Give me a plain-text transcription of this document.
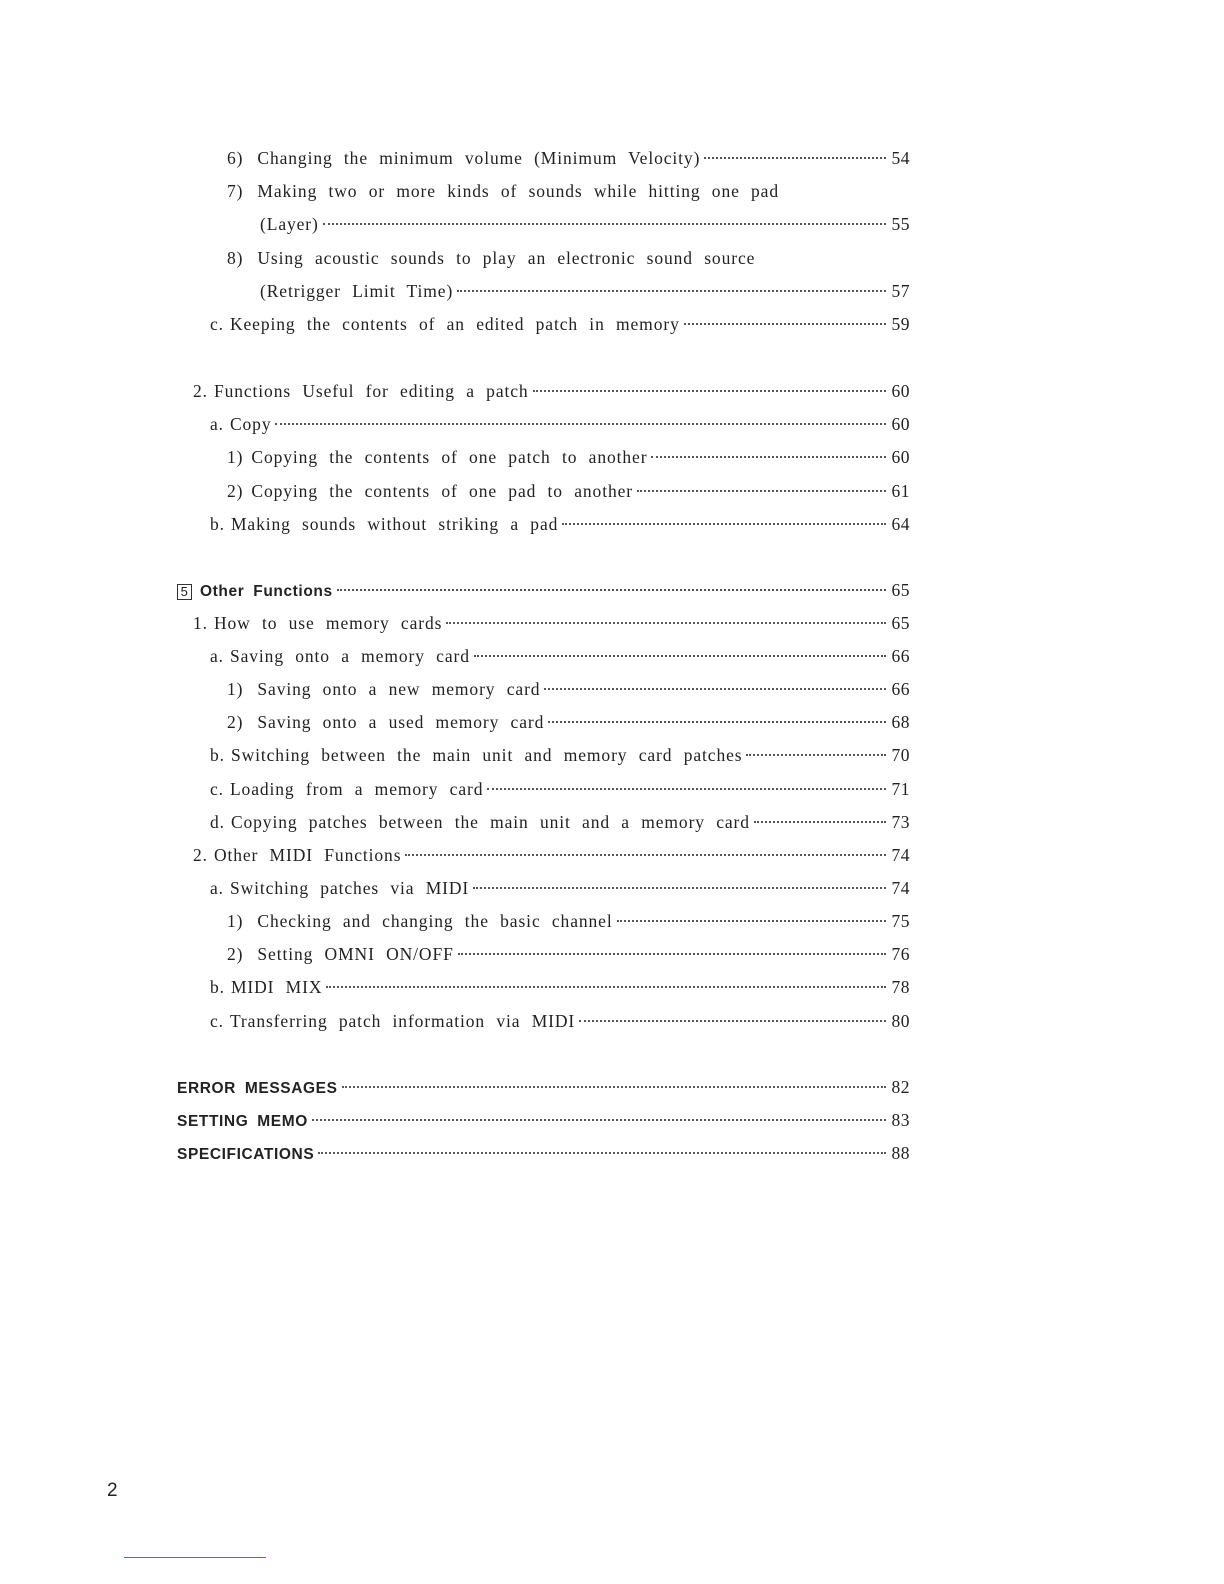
6) Changing the minimum volume (Minimum Velocity)	54
7) Making two or more kinds of sounds while hitting one pad
(Layer)	55
8) Using acoustic sounds to play an electronic sound source
(Retrigger Limit Time)	57
c. Keeping the contents of an edited patch in memory	59
2. Functions Useful for editing a patch	60
a. Copy	60
1) Copying the contents of one patch to another	60
2) Copying the contents of one pad to another	61
b. Making sounds without striking a pad	64
5 Other Functions	65
1. How to use memory cards	65
a. Saving onto a memory card	66
1) Saving onto a new memory card	66
2) Saving onto a used memory card	68
b. Switching between the main unit and memory card patches	70
c. Loading from a memory card	71
d. Copying patches between the main unit and a memory card	73
2. Other MIDI Functions	74
a. Switching patches via MIDI	74
1) Checking and changing the basic channel	75
2) Setting OMNI ON/OFF	76
b. MIDI MIX	78
c. Transferring patch information via MIDI	80
ERROR MESSAGES	82
SETTING MEMO	83
SPECIFICATIONS	88
2
